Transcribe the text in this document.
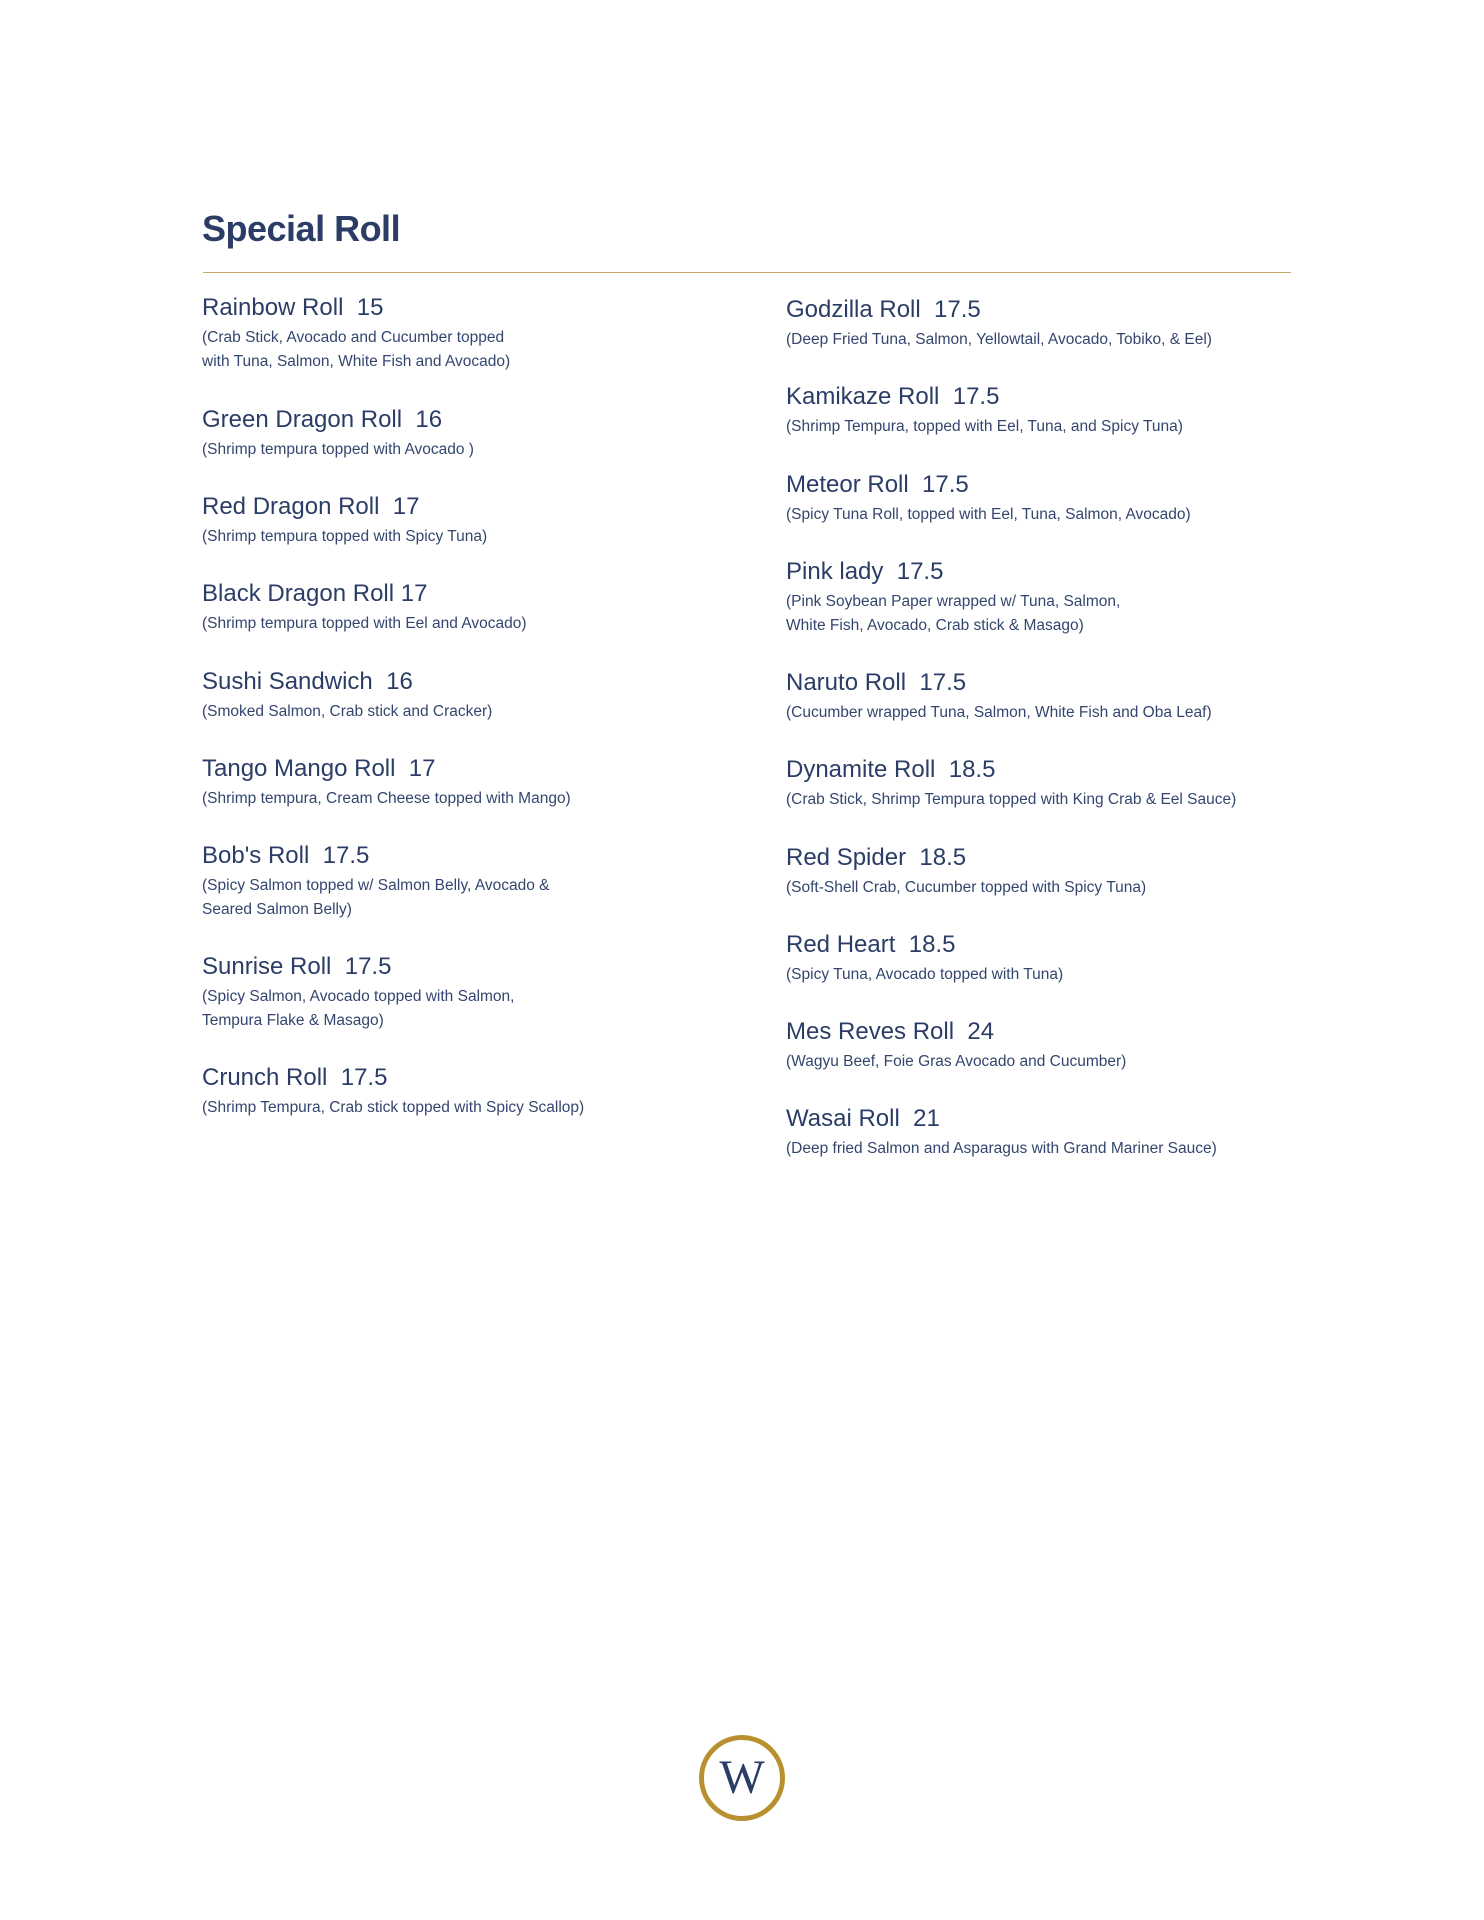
Special Roll
Rainbow Roll  15
(Crab Stick, Avocado and Cucumber topped
with Tuna, Salmon, White Fish and Avocado)
Green Dragon Roll  16
(Shrimp tempura topped with Avocado )
Red Dragon Roll  17
(Shrimp tempura topped with Spicy Tuna)
Black Dragon Roll 17
(Shrimp tempura topped with Eel and Avocado)
Sushi Sandwich  16
(Smoked Salmon, Crab stick and Cracker)
Tango Mango Roll  17
(Shrimp tempura, Cream Cheese topped with Mango)
Bob's Roll  17.5
(Spicy Salmon topped w/ Salmon Belly, Avocado &
Seared Salmon Belly)
Sunrise Roll  17.5
(Spicy Salmon, Avocado topped with Salmon,
Tempura Flake & Masago)
Crunch Roll  17.5
(Shrimp Tempura, Crab stick topped with Spicy Scallop)
Godzilla Roll  17.5
(Deep Fried Tuna, Salmon, Yellowtail, Avocado, Tobiko, & Eel)
Kamikaze Roll  17.5
(Shrimp Tempura, topped with Eel, Tuna, and Spicy Tuna)
Meteor Roll  17.5
(Spicy Tuna Roll, topped with Eel, Tuna, Salmon, Avocado)
Pink lady  17.5
(Pink Soybean Paper wrapped w/ Tuna, Salmon,
White Fish, Avocado, Crab stick & Masago)
Naruto Roll  17.5
(Cucumber wrapped Tuna, Salmon, White Fish and Oba Leaf)
Dynamite Roll  18.5
(Crab Stick, Shrimp Tempura topped with King Crab & Eel Sauce)
Red Spider  18.5
(Soft-Shell Crab, Cucumber topped with Spicy Tuna)
Red Heart  18.5
(Spicy Tuna, Avocado topped with Tuna)
Mes Reves Roll  24
(Wagyu Beef, Foie Gras Avocado and Cucumber)
Wasai Roll  21
(Deep fried Salmon and Asparagus with Grand Mariner Sauce)
W
